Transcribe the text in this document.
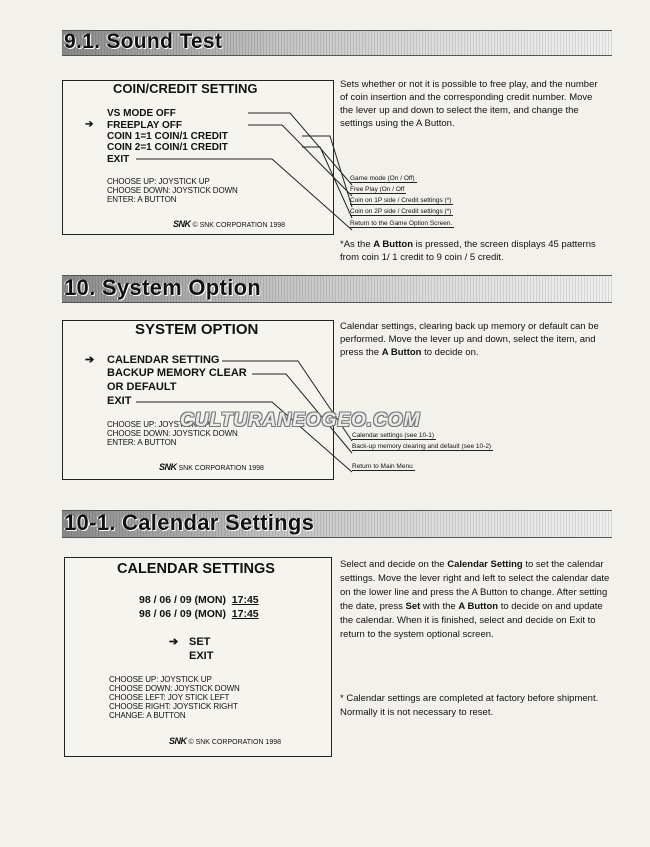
9.1. Sound Test
COIN/CREDIT SETTING
VS MODE OFF
➔ FREEPLAY OFF
COIN 1=1 COIN/1 CREDIT
COIN 2=1 COIN/1 CREDIT
EXIT
CHOOSE UP: JOYSTICK UP
CHOOSE DOWN: JOYSTICK DOWN
ENTER: A BUTTON
SNK © SNK CORPORATION 1998
Sets whether or not it is possible to free play, and the number of coin insertion and the corresponding credit number. Move the lever up and down to select the item, and change the settings using the A Button.
Game mode (On / Off)
Free Play (On / Off
Coin on 1P side / Credit settings (*)
Coin on 2P side / Credit settings (*)
Return to the Game Option Screen.
*As the A Button is pressed, the screen displays 45 patterns from coin 1/ 1 credit to 9 coin / 5 credit.
10. System Option
SYSTEM OPTION
➔ CALENDAR SETTING
BACKUP MEMORY CLEAR
OR DEFAULT
EXIT
CHOOSE UP: JOYSTICK UP
CHOOSE DOWN: JOYSTICK DOWN
ENTER: A BUTTON
SNK SNK CORPORATION 1998
Calendar settings, clearing back up memory or default can be performed. Move the lever up and down, select the item, and press the A Button to decide on.
Calendar settings (see 10-1)
Back-up memory clearing and default (see 10-2)
Return to Main Menu
10-1. Calendar Settings
CALENDAR SETTINGS
98 / 06 / 09 (MON) 17:45
98 / 06 / 09 (MON) 17:45
➔ SET
EXIT
CHOOSE UP: JOYSTICK UP
CHOOSE DOWN: JOYSTICK DOWN
CHOOSE LEFT: JOY STICK LEFT
CHOOSE RIGHT: JOYSTICK RIGHT
CHANGE: A BUTTON
SNK © SNK CORPORATION 1998
Select and decide on the Calendar Setting to set the calendar settings. Move the lever right and left to select the calendar date on the lower line and press the A Button to change. After setting the date, press Set with the A Button to decide on and update the calendar. When it is finished, select and decide on Exit to return to the system optional screen.
* Calendar settings are completed at factory before shipment. Normally it is not necessary to reset.
CULTURANEOGEO.COM
